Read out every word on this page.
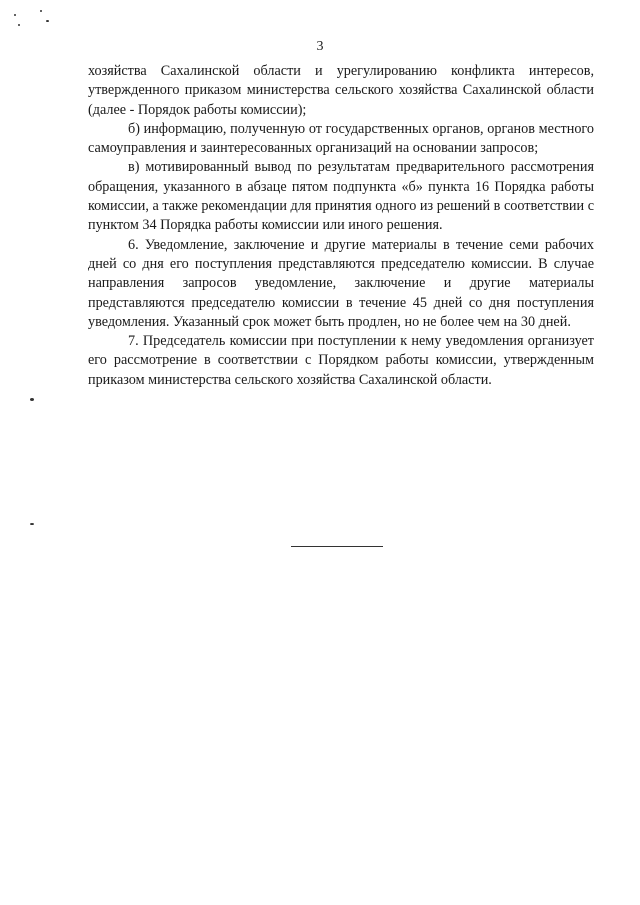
3

хозяйства Сахалинской области и урегулированию конфликта интересов, утвержденного приказом министерства сельского хозяйства Сахалинской области (далее - Порядок работы комиссии);

б) информацию, полученную от государственных органов, органов местного самоуправления и заинтересованных организаций на основании запросов;

в) мотивированный вывод по результатам предварительного рассмотрения обращения, указанного в абзаце пятом подпункта «б» пункта 16 Порядка работы комиссии, а также рекомендации для принятия одного из решений в соответствии с пунктом 34 Порядка работы комиссии или иного решения.

6. Уведомление, заключение и другие материалы в течение семи рабочих дней со дня его поступления представляются председателю комиссии. В случае направления запросов уведомление, заключение и другие материалы представляются председателю комиссии в течение 45 дней со дня поступления уведомления. Указанный срок может быть продлен, но не более чем на 30 дней.

7. Председатель комиссии при поступлении к нему уведомления организует его рассмотрение в соответствии с Порядком работы комиссии, утвержденным приказом министерства сельского хозяйства Сахалинской области.
